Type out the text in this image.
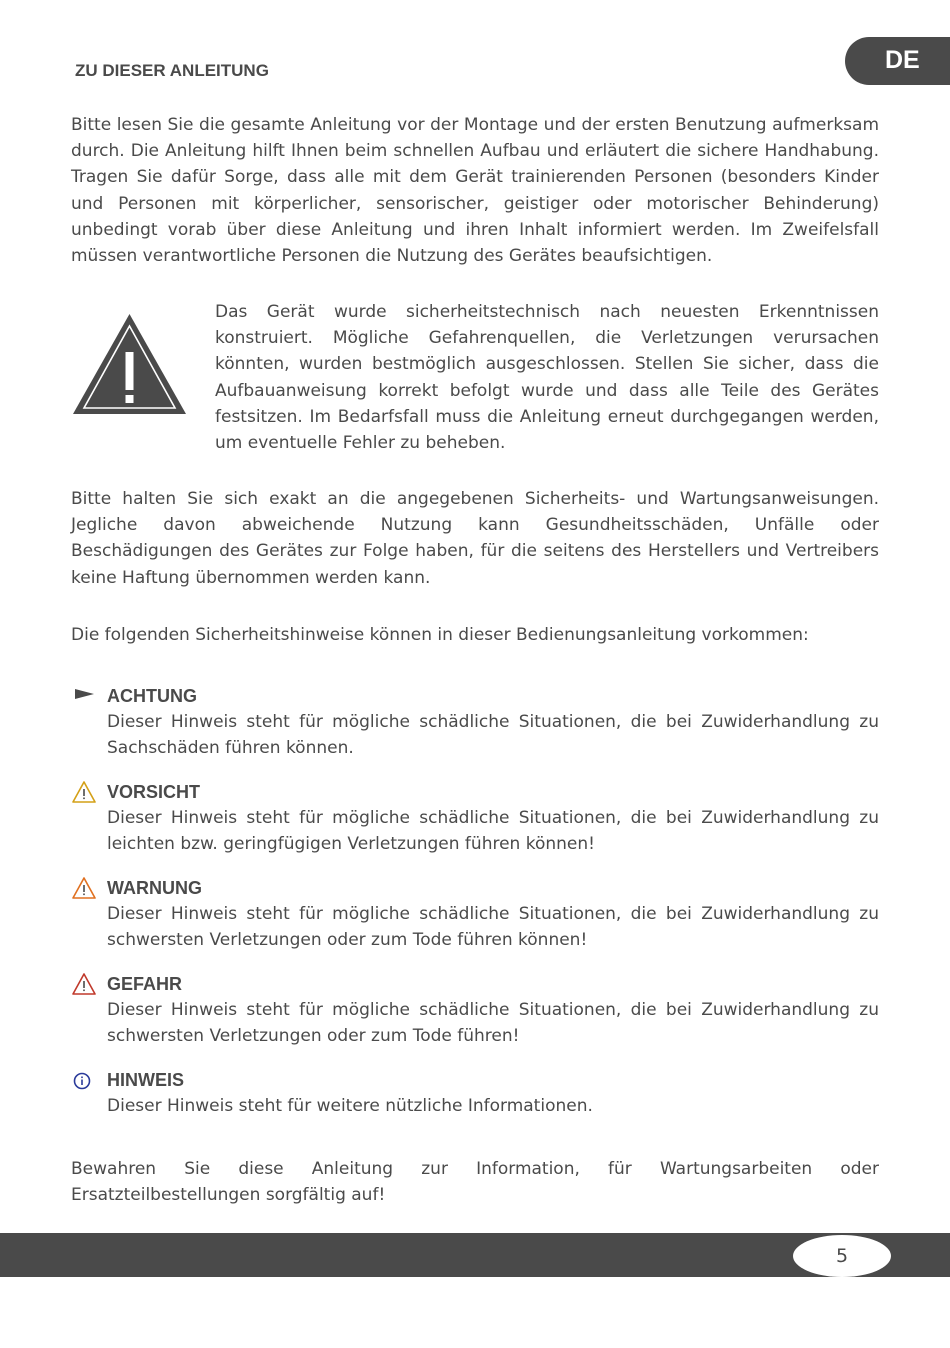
DE
ZU DIESER ANLEITUNG

Bitte lesen Sie die gesamte Anleitung vor der Montage und der ersten Benutzung aufmerksam durch. Die Anleitung hilft Ihnen beim schnellen Aufbau und erläutert die sichere Handhabung. Tragen Sie dafür Sorge, dass alle mit dem Gerät trainierenden Personen (besonders Kinder und Personen mit körperlicher, sensorischer, geistiger oder motorischer Behinderung) unbedingt vorab über diese Anleitung und ihren Inhalt informiert werden. Im Zweifelsfall müssen verantwortliche Personen die Nutzung des Gerätes beaufsichtigen.

Das Gerät wurde sicherheitstechnisch nach neuesten Erkenntnissen konstruiert. Mögliche Gefahrenquellen, die Verletzungen verursachen könnten, wurden bestmöglich ausgeschlossen. Stellen Sie sicher, dass die Aufbauanweisung korrekt befolgt wurde und dass alle Teile des Gerätes festsitzen. Im Bedarfsfall muss die Anleitung erneut durchgegangen werden, um eventuelle Fehler zu beheben.

Bitte halten Sie sich exakt an die angegebenen Sicherheits- und Wartungsanweisungen. Jegliche davon abweichende Nutzung kann Gesundheitsschäden, Unfälle oder Beschädigungen des Gerätes zur Folge haben, für die seitens des Herstellers und Vertreibers keine Haftung übernommen werden kann.

Die folgenden Sicherheitshinweise können in dieser Bedienungsanleitung vorkommen:

ACHTUNG

Dieser Hinweis steht für mögliche schädliche Situationen, die bei Zuwiderhandlung zu Sachschäden führen können.

VORSICHT

Dieser Hinweis steht für mögliche schädliche Situationen, die bei Zuwiderhandlung zu leichten bzw. geringfügigen Verletzungen führen können!

WARNUNG

Dieser Hinweis steht für mögliche schädliche Situationen, die bei Zuwiderhandlung zu schwersten Verletzungen oder zum Tode führen können!

GEFAHR

Dieser Hinweis steht für mögliche schädliche Situationen, die bei Zuwiderhandlung zu schwersten Verletzungen oder zum Tode führen!

HINWEIS

Dieser Hinweis steht für weitere nützliche Informationen.

Bewahren Sie diese Anleitung zur Information, für Wartungsarbeiten oder Ersatzteilbestellungen sorgfältig auf!

5
